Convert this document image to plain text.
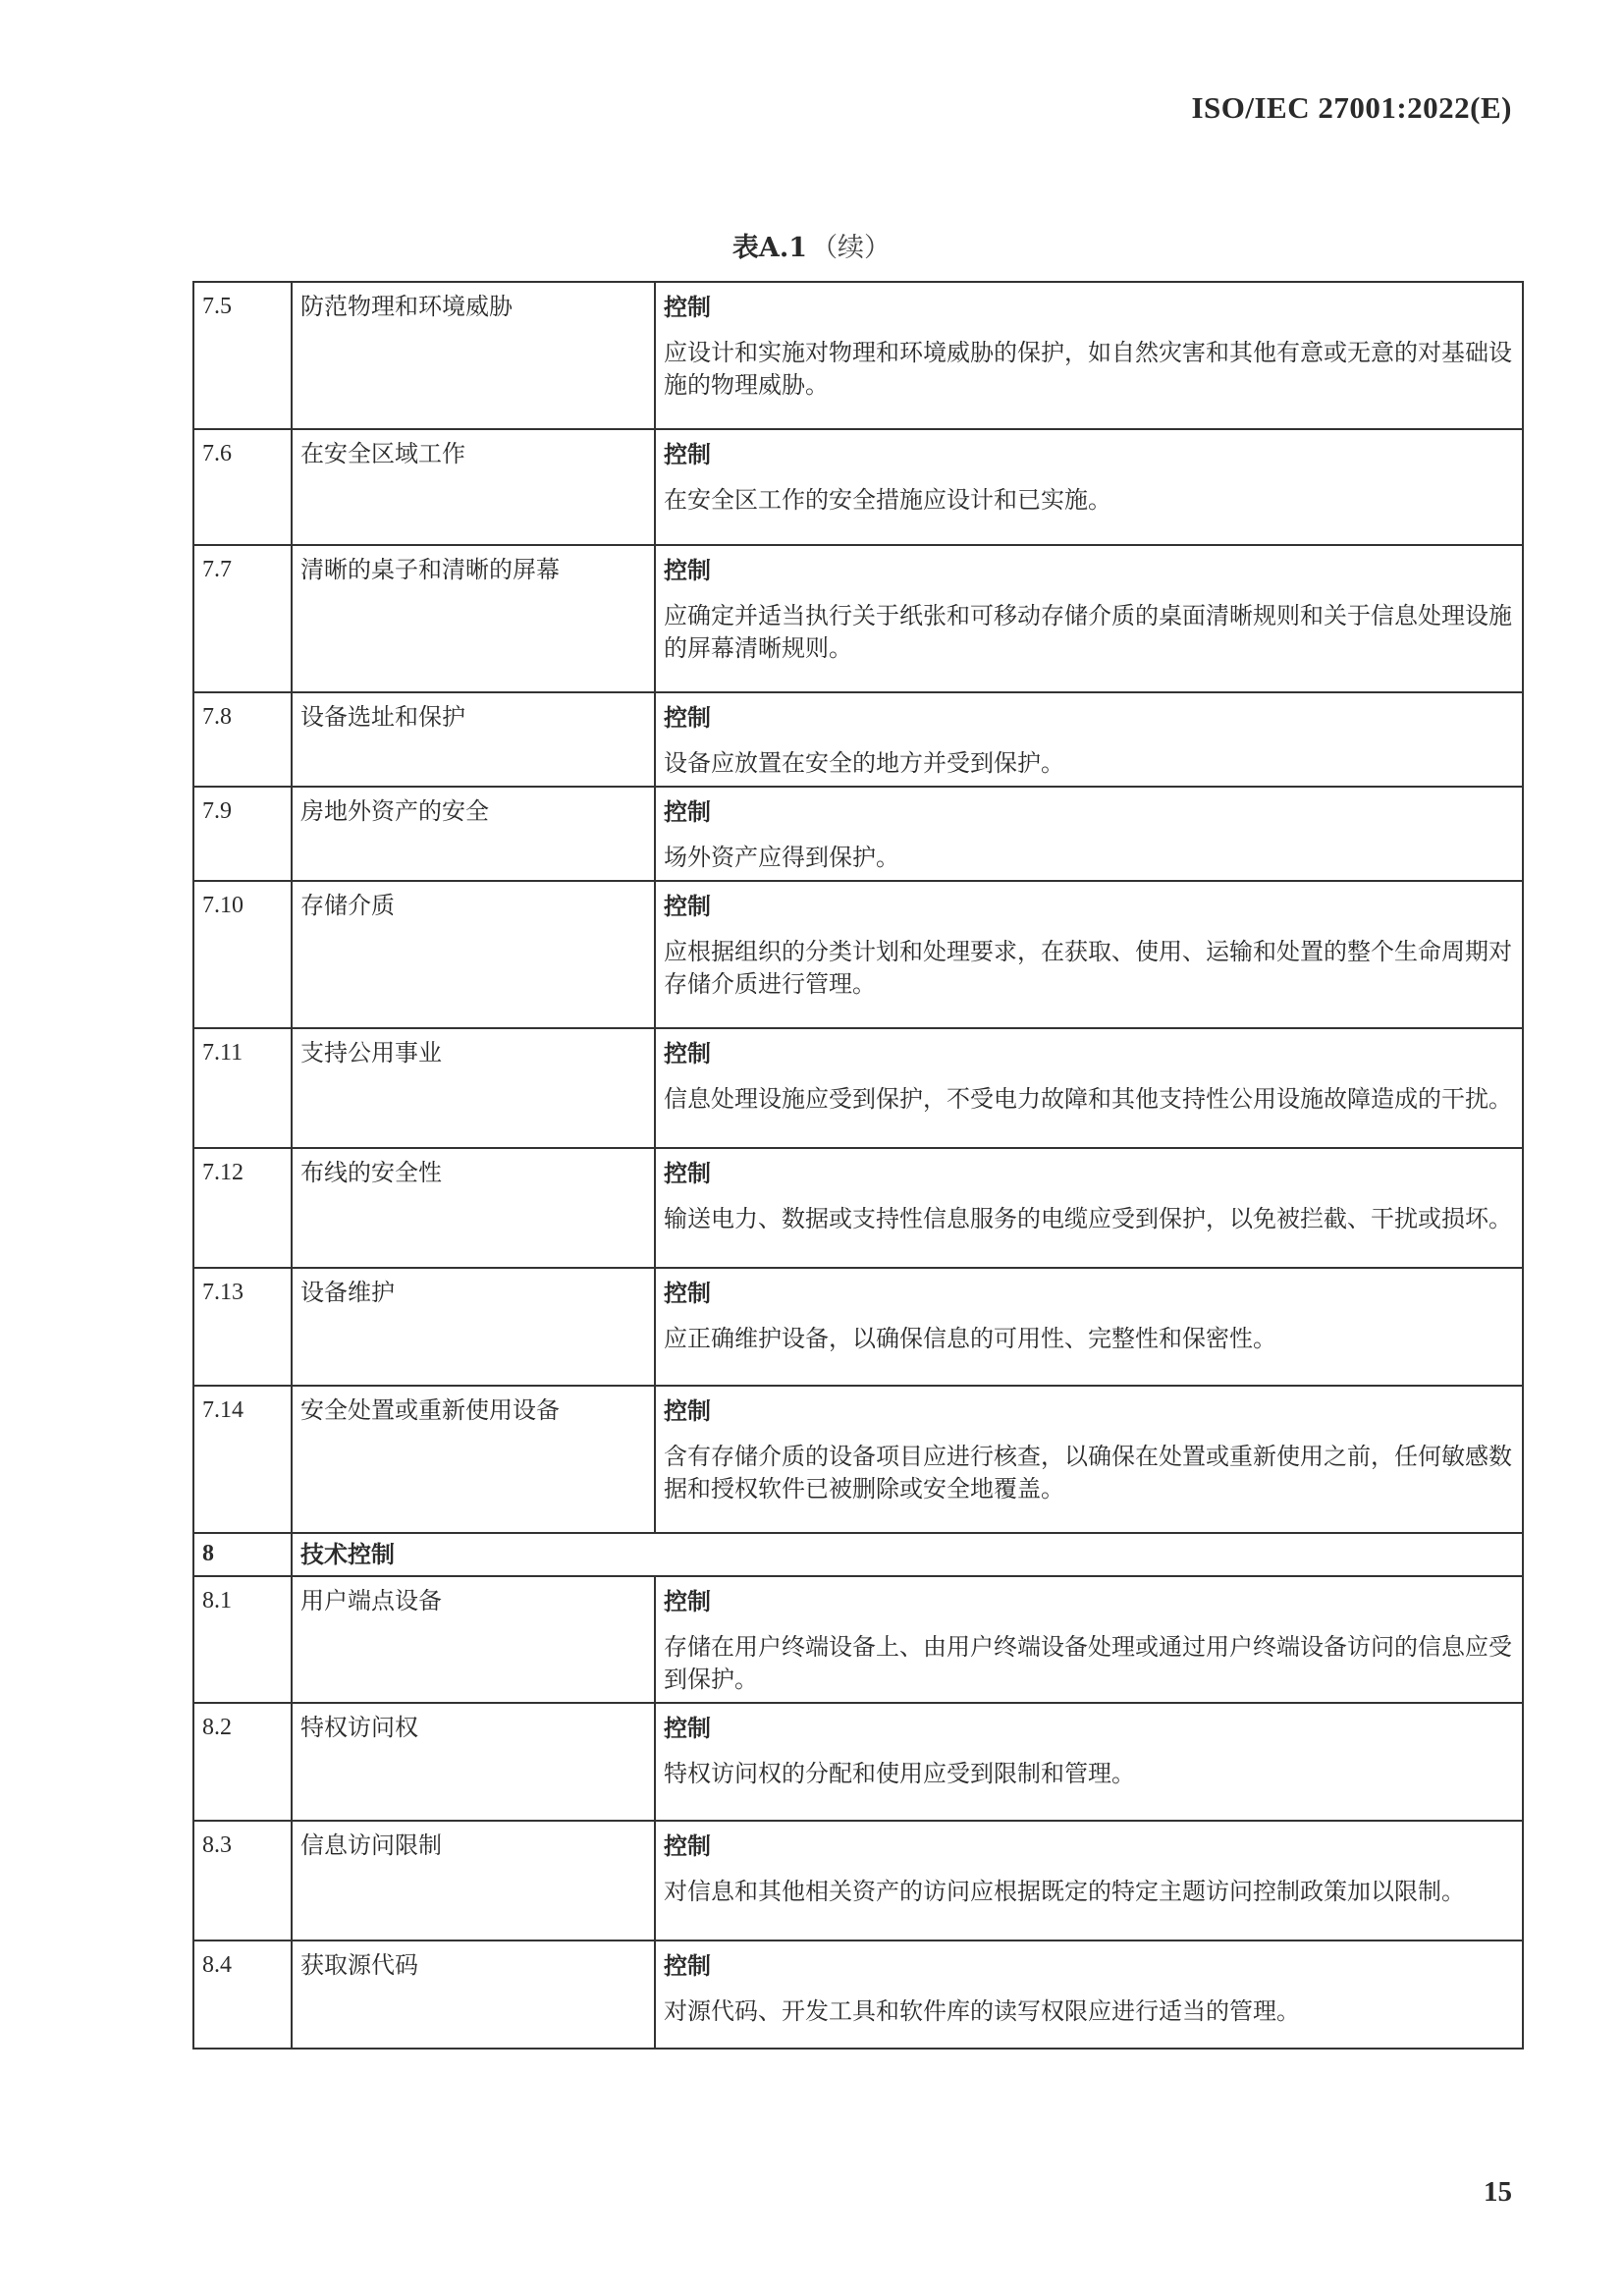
ISO/IEC 27001:2022(E)
表A.1 （续）
7.5	防范物理和环境威胁	控制
应设计和实施对物理和环境威胁的保护，如自然灾害和其他有意或无意的对基础设施的物理威胁。

7.6	在安全区域工作	控制
在安全区工作的安全措施应设计和已实施。

7.7	清晰的桌子和清晰的屏幕	控制
应确定并适当执行关于纸张和可移动存储介质的桌面清晰规则和关于信息处理设施的屏幕清晰规则。

7.8	设备选址和保护	控制
设备应放置在安全的地方并受到保护。

7.9	房地外资产的安全	控制
场外资产应得到保护。

7.10	存储介质	控制
应根据组织的分类计划和处理要求，在获取、使用、运输和处置的整个生命周期对存储介质进行管理。

7.11	支持公用事业	控制
信息处理设施应受到保护，不受电力故障和其他支持性公用设施故障造成的干扰。

7.12	布线的安全性	控制
输送电力、数据或支持性信息服务的电缆应受到保护，以免被拦截、干扰或损坏。

7.13	设备维护	控制
应正确维护设备，以确保信息的可用性、完整性和保密性。

7.14	安全处置或重新使用设备	控制
含有存储介质的设备项目应进行核查，以确保在处置或重新使用之前，任何敏感数据和授权软件已被删除或安全地覆盖。

8	技术控制	
8.1	用户端点设备	控制
存储在用户终端设备上、由用户终端设备处理或通过用户终端设备访问的信息应受到保护。

8.2	特权访问权	控制
特权访问权的分配和使用应受到限制和管理。

8.3	信息访问限制	控制
对信息和其他相关资产的访问应根据既定的特定主题访问控制政策加以限制。

8.4	获取源代码	控制
对源代码、开发工具和软件库的读写权限应进行适当的管理。
15
